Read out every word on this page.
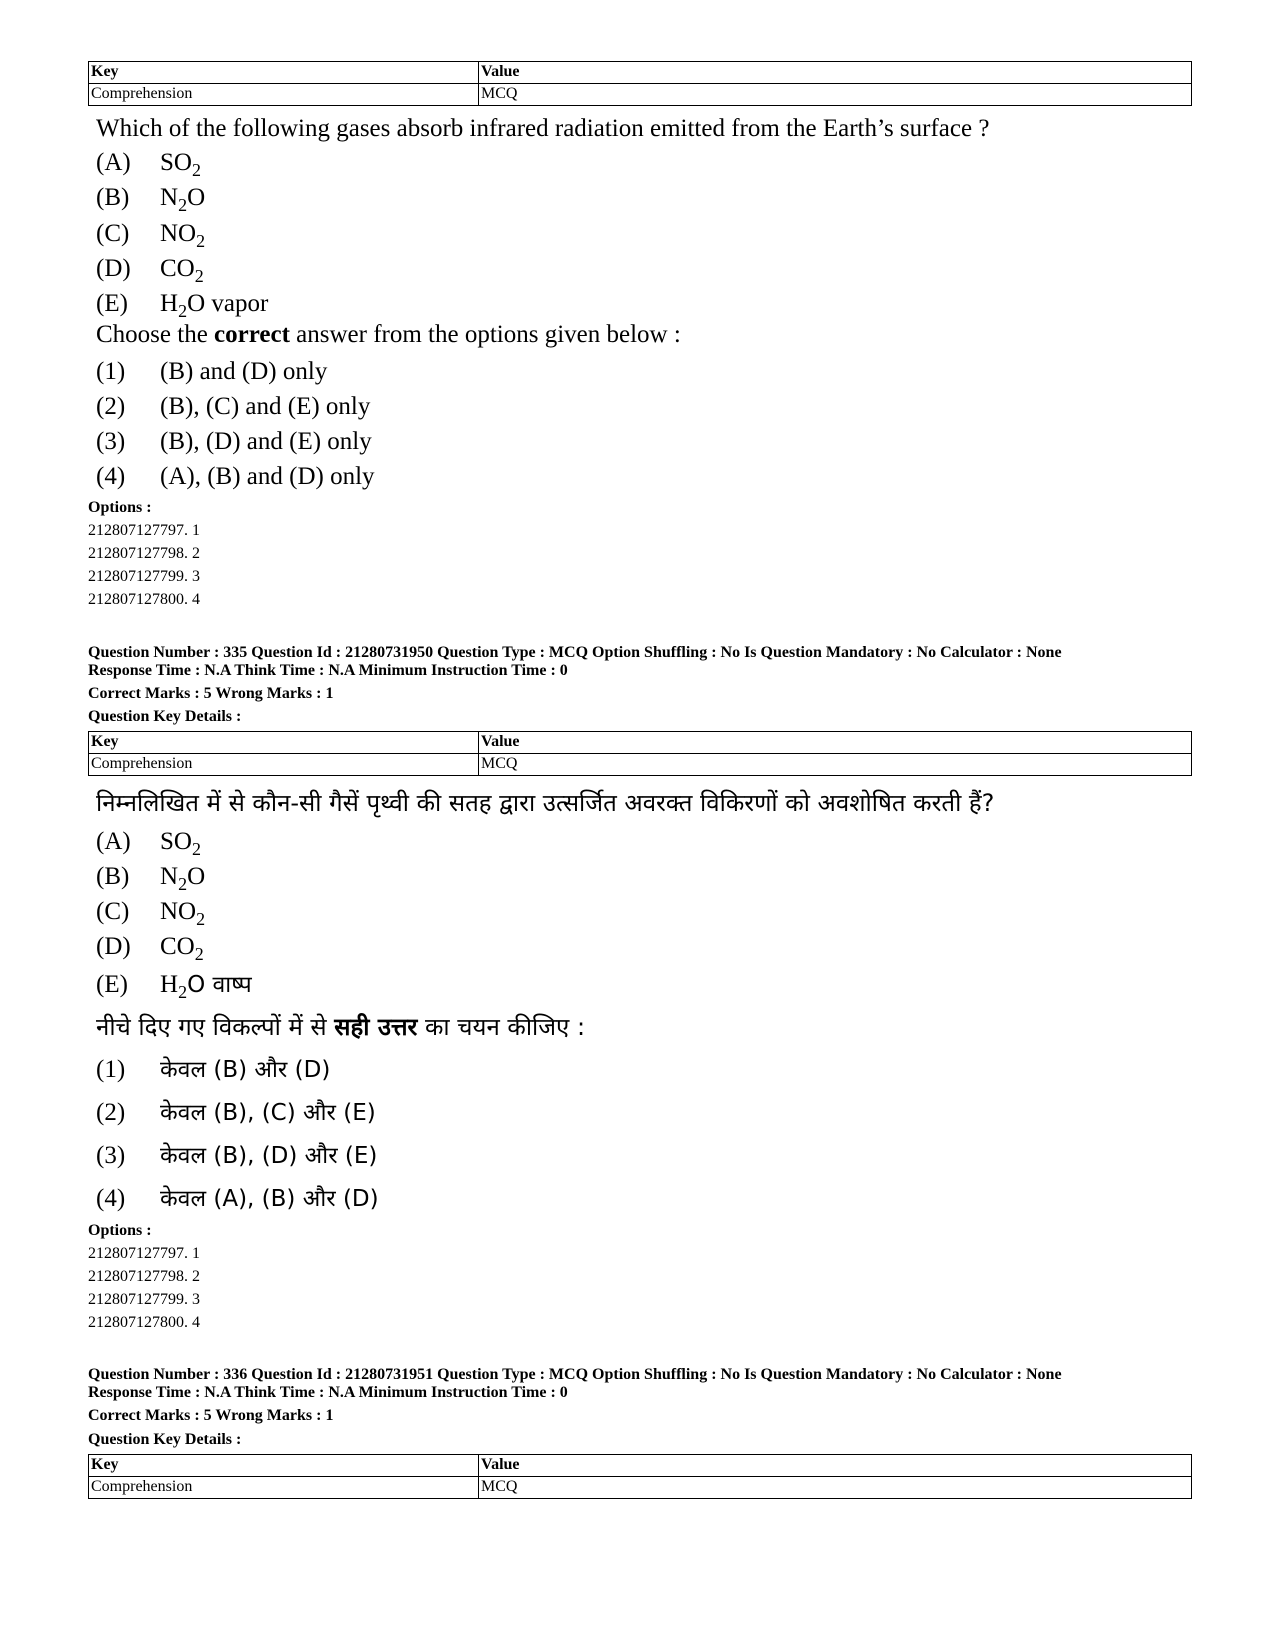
Key	Value
Comprehension	MCQ
Which of the following gases absorb infrared radiation emitted from the Earth’s surface ?
(A) $SO_2$
(B) $N_2O$
(C) $NO_2$
(D) $CO_2$
(E) $H_2O$ vapor
Choose the correct answer from the options given below :
(1) (B) and (D) only
(2) (B), (C) and (E) only
(3) (B), (D) and (E) only
(4) (A), (B) and (D) only
Options :
212807127797. 1
212807127798. 2
212807127799. 3
212807127800. 4
Question Number : 335 Question Id : 21280731950 Question Type : MCQ Option Shuffling : No Is Question Mandatory : No Calculator : None
Response Time : N.A Think Time : N.A Minimum Instruction Time : 0
Correct Marks : 5 Wrong Marks : 1
Question Key Details :
Key	Value
Comprehension	MCQ
निम्नलिखित में से कौन-सी गैसें पृथ्वी की सतह द्वारा उत्सर्जित अवरक्त विकिरणों को अवशोषित करती हैं?
(A) $SO_2$
(B) $N_2O$
(C) $NO_2$
(D) $CO_2$
(E) $H_2O$ वाष्प
नीचे दिए गए विकल्पों में से सही उत्तर का चयन कीजिए :
(1) केवल (B) और (D)
(2) केवल (B), (C) और (E)
(3) केवल (B), (D) और (E)
(4) केवल (A), (B) और (D)
Options :
212807127797. 1
212807127798. 2
212807127799. 3
212807127800. 4
Question Number : 336 Question Id : 21280731951 Question Type : MCQ Option Shuffling : No Is Question Mandatory : No Calculator : None
Response Time : N.A Think Time : N.A Minimum Instruction Time : 0
Correct Marks : 5 Wrong Marks : 1
Question Key Details :
Key	Value
Comprehension	MCQ
